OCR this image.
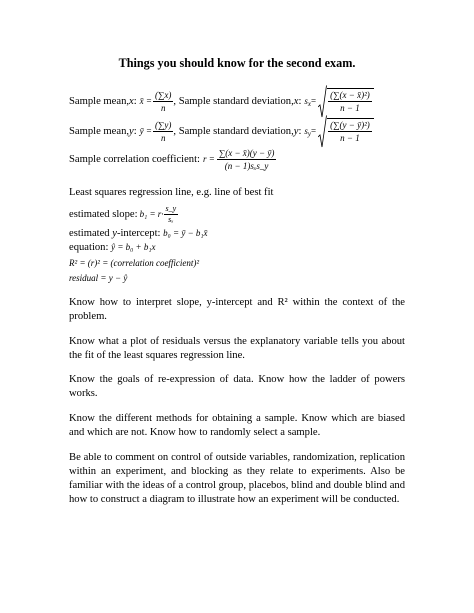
Things you should know for the second exam.
Sample mean, x : x̄ = $\frac{(\sum x)}{n}$ , Sample standard deviation, x : s $x = \frac{\text{(∑(x − x̄)²)}}{n - 1}$
Sample mean, y : ȳ = $\frac{(\sum y)}{n}$ , Sample standard deviation, y : s $y = \frac{\text{(∑(y − ȳ)²)}}{n - 1}$
Sample correlation coefficient: $r = \frac{\sum(x - x̄)(y - ȳ)}{\text{(n − 1)sₓs\_y}}$
Least squares regression line, e.g. line of best fit
estimated slope: $b_1 = r\cdot \frac{s\_y}{\text{sₓ}}$
estimated y-intercept: b₀ = ȳ − b₁x̄
equation: ŷ = b₀ + b₁x
R² = (r)² = (correlation coefficient)²
residual = y − ŷ
Know how to interpret slope, y-intercept and R² within the context of the problem.
Know what a plot of residuals versus the explanatory variable tells you about the fit of the least squares regression line.
Know the goals of re-expression of data. Know how the ladder of powers works.
Know the different methods for obtaining a sample. Know which are biased and which are not. Know how to randomly select a sample.
Be able to comment on control of outside variables, randomization, replication within an experiment, and blocking as they relate to experiments. Also be familiar with the ideas of a control group, placebos, blind and double blind and how to construct a diagram to illustrate how an experiment will be conducted.
